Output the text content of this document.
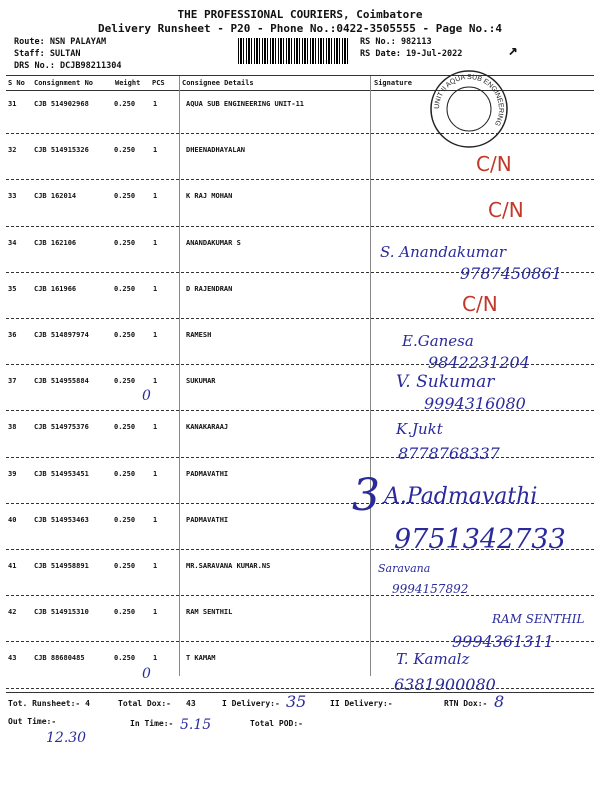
THE PROFESSIONAL COURIERS, Coimbatore
Delivery Runsheet - P20 - Phone No.:0422-3505555 - Page No.:4
Route: NSN PALAYAM
Staff: SULTAN
DRS No.: DCJB98211304
RS No.: 982113
RS Date: 19-Jul-2022	↗
S No Consignment No	Weight PCS Consignee Details	Signature
31	CJB 514902968	0.250	1	AQUA SUB ENGINEERING UNIT-11
32	CJB 514915326	0.250	1	DHEENADHAYALAN
33	CJB 162014	0.250	1	K RAJ MOHAN
34	CJB 162106	0.250	1	ANANDAKUMAR S
35	CJB 161966	0.250	1	D RAJENDRAN
36	CJB 514897974	0.250	1	RAMESH
37	CJB 514955884	0.250	1	SUKUMAR
38	CJB 514975376	0.250	1	KANAKARAAJ
39	CJB 514953451	0.250	1	PADMAVATHI
40	CJB 514953463	0.250	1	PADMAVATHI
41	CJB 514958891	0.250	1	MR.SARAVANA KUMAR.NS
42	CJB 514915310	0.250	1	RAM SENTHIL
43	CJB 88680485	0.250	1	T KAMAM
UNIT II AQUA SUB ENGINEERING
C/N
C/N
C/N
S. Anandakumar
9787450861
E.Ganesa
9842231204
V. Sukumar
9994316080
K.Jukt
8778768337
3 A.Padmavathi
9751342733
Saravana
9994157892
RAM SENTHIL
9994361311
T. Kamalz
6381900080
0
0
Tot. Runsheet:- 4	Total Dox:- 43	I Delivery:- 35	II Delivery:-	RTN Dox:- 8
Out Time:-
12.30
In Time:- 5.15	Total POD:-
